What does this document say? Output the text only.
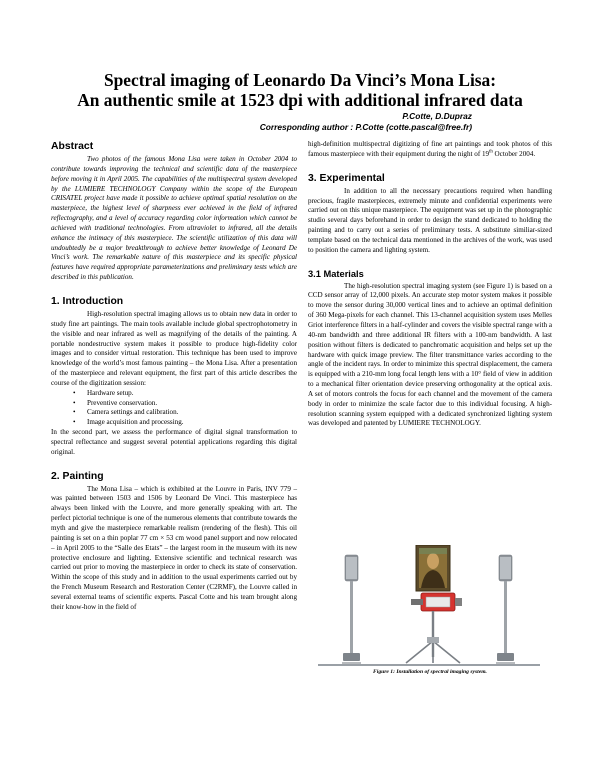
Spectral imaging of Leonardo Da Vinci’s Mona Lisa:
An authentic smile at 1523 dpi with additional infrared data
P.Cotte, D.Dupraz
Corresponding author : P.Cotte (cotte.pascal@free.fr)
Abstract

Two photos of the famous Mona Lisa were taken in October 2004 to contribute towards improving the technical and scientific data of the masterpiece before moving it in April 2005. The capabilities of the multispectral system developed by the LUMIERE TECHNOLOGY Company within the scope of the European CRISATEL project have made it possible to achieve optimal spatial resolution on the masterpiece, the highest level of sharpness ever achieved in the field of infrared reflectography, and a level of accuracy regarding color information which cannot be achieved with traditional technologies. From ultraviolet to infrared, all the details enhance the intimacy of this masterpiece. The scientific utilization of this data will undoubtedly be a major breakthrough to achieve better knowledge of Leonard De Vinci’s work. The remarkable nature of this masterpiece and its specific physical features have required appropriate parameterizations and preliminary tests which are described in this publication.

1. Introduction

High-resolution spectral imaging allows us to obtain new data in order to study fine art paintings. The main tools available include global spectrophotometry in the visible and near infrared as well as magnifying of the details of the painting. A portable nondestructive system makes it possible to produce high-fidelity color images and to consider virtual restoration. This technique has been used to improve knowledge of the world’s most famous painting – the Mona Lisa. After a presentation of the masterpiece and relevant equipment, the first part of this article describes the course of the digitization session:

• Hardware setup.
• Preventive conservation.
• Camera settings and calibration.
• Image acquisition and processing.

In the second part, we assess the performance of digital signal transformation to spectral reflectance and suggest several potential applications regarding this digital original.

2. Painting

The Mona Lisa – which is exhibited at the Louvre in Paris, INV 779 – was painted between 1503 and 1506 by Leonard De Vinci. This masterpiece has always been linked with the Louvre, and more generally speaking with art. The perfect pictorial technique is one of the numerous elements that contribute towards the myth and give the masterpiece remarkable realism (rendering of the flesh). This oil painting is set on a thin poplar 77 cm × 53 cm wood panel support and now relocated – in April 2005 to the “Salle des Etats” – the largest room in the museum with its new protective enclosure and lighting. Extensive scientific and technical research was carried out prior to moving the masterpiece in order to check its state of conservation. Within the scope of this study and in addition to the usual experiments carried out by the French Museum Research and Restoration Center (C2RMF), the Louvre called in several external teams of scientific experts. Pascal Cotte and his team brought along their know-how in the field of

high-definition multispectral digitizing of fine art paintings and took photos of this famous masterpiece with their equipment during the night of 19th October 2004.

3. Experimental

In addition to all the necessary precautions required when handling precious, fragile masterpieces, extremely minute and confidential experiments were carried out on this unique masterpiece. The equipment was set up in the photographic studio several days beforehand in order to design the stand dedicated to holding the painting and to carry out a series of preliminary tests. A substitute similiar-sized template based on the technical data mentioned in the archives of the work, was used to position the camera and lighting system.

3.1 Materials

The high-resolution spectral imaging system (see Figure 1) is based on a CCD sensor array of 12,000 pixels. An accurate step motor system makes it possible to move the sensor during 30,000 vertical lines and to achieve an optimal definition of 360 Mega-pixels for each channel. This 13-channel acquisition system uses Melles Griot interference filters in a half-cylinder and covers the visible spectral range with a 40-nm bandwidth and three additional IR filters with a 100-nm bandwidth. A last position without filters is dedicated to panchromatic acquisition and helps set up the hardware with quick image preview. The filter transmittance varies according to the angle of the incident rays. In order to minimize this spectral displacement, the camera is equipped with a 210-mm long focal length lens with a 10° field of view in addition to a mechanical filter orientation device preserving orthogonality at the optical axis. A set of motors controls the focus for each channel and the movement of the camera body in order to minimize the scale factor due to this individual focusing. A high-resolution scanning system equipped with a dedicated synchronized lighting system was developed and patented by LUMIERE TECHNOLOGY.

Figure 1: Installation of spectral imaging system.
